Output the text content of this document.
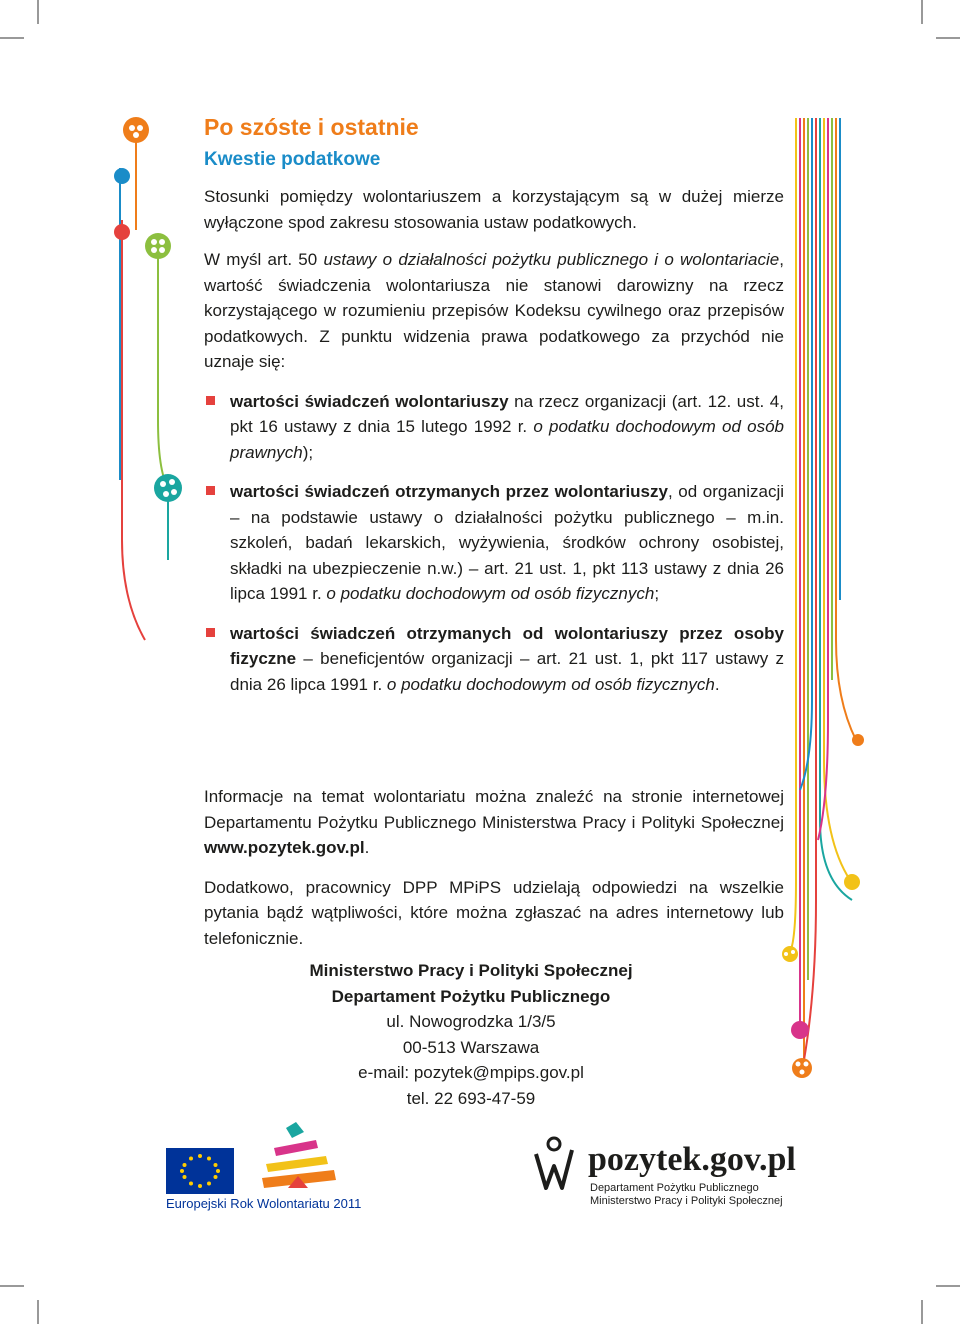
Po szóste i ostatnie
Kwestie podatkowe

Stosunki pomiędzy wolontariuszem a korzystającym są w dużej mierze wyłączone spod zakresu stosowania ustaw podatkowych.

W myśl art. 50 ustawy o działalności pożytku publicznego i o wolontariacie, wartość świadczenia wolontariusza nie stanowi darowizny na rzecz korzystającego w rozumieniu przepisów Kodeksu cywilnego oraz przepisów podatkowych. Z punktu widzenia prawa podatkowego za przychód nie uznaje się:

wartości świadczeń wolontariuszy na rzecz organizacji (art. 12. ust. 4, pkt 16 ustawy z dnia 15 lutego 1992 r. o podatku dochodowym od osób prawnych);
wartości świadczeń otrzymanych przez wolontariuszy, od organizacji – na podstawie ustawy o działalności pożytku publicznego – m.in. szkoleń, badań lekarskich, wyżywienia, środków ochrony osobistej, składki na ubezpieczenie n.w.) – art. 21 ust. 1, pkt 113 ustawy z dnia 26 lipca 1991 r. o podatku dochodowym od osób fizycznych;
wartości świadczeń otrzymanych od wolontariuszy przez osoby fizyczne – beneficjentów organizacji – art. 21 ust. 1, pkt 117 ustawy z dnia 26 lipca 1991 r. o podatku dochodowym od osób fizycznych.

Informacje na temat wolontariatu można znaleźć na stronie internetowej Departamentu Pożytku Publicznego Ministerstwa Pracy i Polityki Społecznej www.pozytek.gov.pl.

Dodatkowo, pracownicy DPP MPiPS udzielają odpowiedzi na wszelkie pytania bądź wątpliwości, które można zgłaszać na adres internetowy lub telefonicznie.

Ministerstwo Pracy i Polityki Społecznej
Departament Pożytku Publicznego
ul. Nowogrodzka 1/3/5
00-513 Warszawa
e-mail: pozytek@mpips.gov.pl
tel. 22 693-47-59
Europejski Rok Wolontariatu 2011
pozytek.gov.pl
Departament Pożytku Publicznego
Ministerstwo Pracy i Polityki Społecznej
